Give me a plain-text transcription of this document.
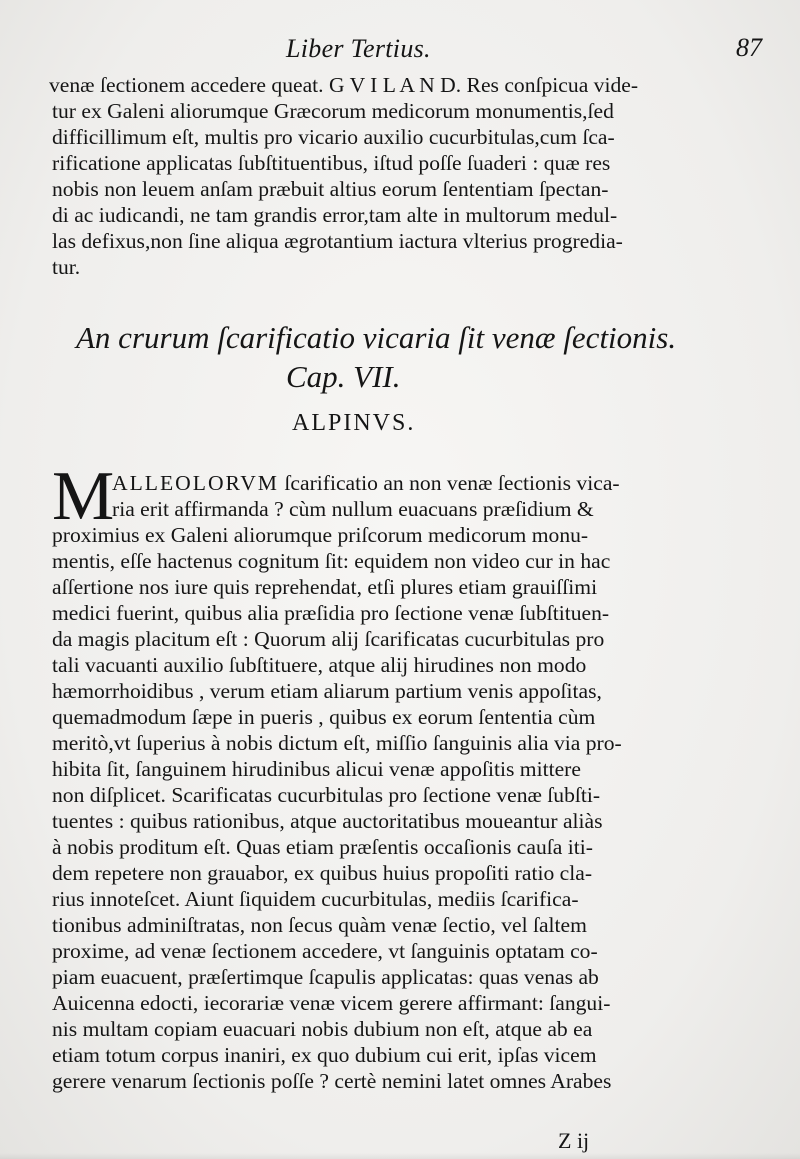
Liber Tertius.	87
venæ ſectionem accedere queat. G V I L A N D. Res conſpicua vide-
tur ex Galeni aliorumque Græcorum medicorum monumentis,ſed
difficillimum eſt, multis pro vicario auxilio cucurbitulas,cum ſca-
rificatione applicatas ſubſtituentibus, iſtud poſſe ſuaderi : quæ res
nobis non leuem anſam præbuit altius eorum ſententiam ſpectan-
di ac iudicandi, ne tam grandis error,tam alte in multorum medul-
las defixus,non ſine aliqua ægrotantium iactura vlterius progredia-
tur.
An crurum ſcarificatio vicaria ſit venæ ſectionis.
Cap. VII.
ALPINVS.
M
ALLEOLORVM ſcarificatio an non venæ ſectionis vica-
ria erit affirmanda ? cùm nullum euacuans præſidium &
proximius ex Galeni aliorumque priſcorum medicorum monu-
mentis, eſſe hactenus cognitum ſit: equidem non video cur in hac
aſſertione nos iure quis reprehendat, etſi plures etiam grauiſſimi
medici fuerint, quibus alia præſidia pro ſectione venæ ſubſtituen-
da magis placitum eſt : Quorum alij ſcarificatas cucurbitulas pro
tali vacuanti auxilio ſubſtituere, atque alij hirudines non modo
hæmorrhoidibus , verum etiam aliarum partium venis appoſitas,
quemadmodum ſæpe in pueris , quibus ex eorum ſententia cùm
meritò,vt ſuperius à nobis dictum eſt, miſſio ſanguinis alia via pro-
hibita ſit, ſanguinem hirudinibus alicui venæ appoſitis mittere
non diſplicet. Scarificatas cucurbitulas pro ſectione venæ ſubſti-
tuentes : quibus rationibus, atque auctoritatibus moueantur aliàs
à nobis proditum eſt. Quas etiam præſentis occaſionis cauſa iti-
dem repetere non grauabor, ex quibus huius propoſiti ratio cla-
rius innoteſcet. Aiunt ſiquidem cucurbitulas, mediis ſcarifica-
tionibus adminiſtratas, non ſecus quàm venæ ſectio, vel ſaltem
proxime, ad venæ ſectionem accedere, vt ſanguinis optatam co-
piam euacuent, præſertimque ſcapulis applicatas: quas venas ab
Auicenna edocti, iecorariæ venæ vicem gerere affirmant: ſangui-
nis multam copiam euacuari nobis dubium non eſt, atque ab ea
etiam totum corpus inaniri, ex quo dubium cui erit, ipſas vicem
gerere venarum ſectionis poſſe ? certè nemini latet omnes Arabes
Z ij
